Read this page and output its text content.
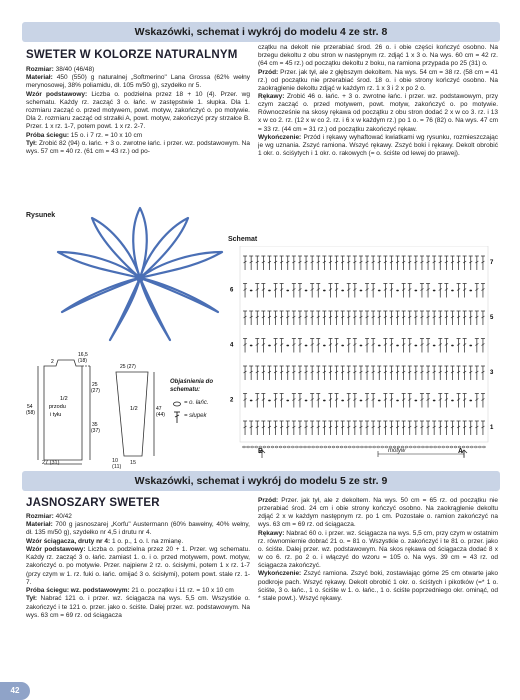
Wskazówki, schemat i wykrój do modelu 4 ze str. 8
SWETER W KOLORZE NATURALNYM

Rozmiar: 38/40 (46/48)

Materiał: 450 (550) g naturalnej „Softmerino" Lana Grossa (62% wełny merynosowej, 38% poliamidu, dł. 105 m/50 g), szydełko nr 5.

Wzór podstawowy: Liczba o. podzielna przez 18 + 10 (4). Przer. wg schematu. Każdy rz. zacząć 3 o. łańc. w zastępstwie 1. słupka. Dla 1. rozmiaru zacząć o. przed motywem, powt. motyw, zakończyć o. po motywie. Dla 2. rozmiaru zacząć od strzałki A, powt. motyw, zakończyć przy strzałce B. Przer. 1 x rz. 1-7, potem powt. 1 x rz. 2-7.

Próba ściegu: 15 o. i 7 rz. = 10 x 10 cm

Tył: Zrobić 82 (94) o. łańc. + 3 o. zwrotne łańc. i przer. wz. podstawowym. Na wys. 57 cm = 40 rz. (61 cm = 43 rz.) od po-

czątku na dekolt nie przerabiać środ. 26 o. i obie części kończyć osobno. Na brzegu dekoltu z obu stron w następnym rz. zdjąć 1 x 3 o. Na wys. 60 cm = 42 rz. (64 cm = 45 rz.) od początku dekoltu z boku, na ramiona przypada po 25 (31) o.

Przód: Przer. jak tył, ale z głębszym dekoltem. Na wys. 54 cm = 38 rz. (58 cm = 41 rz.) od początku nie przerabiać środ. 18 o. i obie strony kończyć osobno. Na zaokrąglenie dekoltu zdjąć w każdym rz. 1 x 3 i 2 x po 2 o.

Rękawy: Zrobić 46 o. łańc. + 3 o. zwrotne łańc. i przer. wz. podstawowym, przy czym zacząć o. przed motywem, powt. motyw, zakończyć o. po motywie. Równocześnie na skosy rękawa od początku z obu stron dodać 2 x w co 3. rz. i 13 x w co 2. rz. (12 x w co 2. rz. i 6 x w każdym rz.) po 1 o. = 76 (82) o. Na wys. 47 cm = 33 rz. (44 cm = 31 rz.) od początku zakończyć rękaw.

Wykończenie: Przód i rękawy wyhaftować kwiatkami wg rysunku, rozmieszczając je wg uznania. Zszyć ramiona. Wszyć rękawy. Zszyć boki i rękawy. Dekolt obrobić 1 okr. o. ściśytych i 1 okr. o. rakowych (= o. ściśte od lewej do prawej).

Rysunek
16,5
(18)
2
1/2
przodu
i tyłu
54
(58)
25
(27)
35
(37)
27 (31)
25 (27)
1/2	47
(44)
10
(11)
15
Objaśnienia do schematu:
= o. łańc.
= słupek
Schemat
7
6
5
4
3
2
1
motyw
B	A
Wskazówki, schemat i wykrój do modelu 5 ze str. 9
JASNOSZARY SWETER

Rozmiar: 40/42

Materiał: 700 g jasnoszarej „Korfu" Austermann (60% bawełny, 40% wełny, dł. 135 m/50 g), szydełko nr 4,5 i drutu nr 4.

Wzór ściągacza, druty nr 4: 1 o. p., 1 o. l. na zmianę.

Wzór podstawowy: Liczba o. podzielna przez 20 + 1. Przer. wg schematu. Każdy rz. zacząć 3 o. łańc. zamiast 1. o. i o. przed motywem, powt. motyw, zakończyć o. po motywie. Przer. najpierw 2 rz. o. ścisłymi, potem 1 x rz. 1-7 (przy czym w 1. rz. fuki o. łańc. omijać 3 o. ścisłymi), potem powt. stale rz. 1-7.

Próba ściegu: wz. podstawowym: 21 o. początku i 11 rz. = 10 x 10 cm

Tył: Nabrać 121 o. i przer. wz. ściągacza na wys. 5,5 cm. Wszystkie o. zakończyć i te 121 o. przer. jako o. ściśte. Dalej przer. wz. podstawowym. Na wys. 63 cm = 69 rz. od ściągacza

Przód: Przer. jak tył, ale z dekoltem. Na wys. 50 cm = 65 rz. od początku nie przerabiać środ. 24 cm i obie strony kończyć osobno. Na zaokrąglenie dekoltu zdjąć 2 x w każdym następnym rz. po 1 cm. Pozostałe o. ramion zakończyć na wys. 63 cm = 69 rz. od ściągacza.

Rękawy: Nabrać 60 o. i przer. wz. ściągacza na wys. 5,5 cm, przy czym w ostatnim rz. równomiernie dobrać 21 o. = 81 o. Wszystkie o. zakończyć i te 81 o. przer. jako o. ściśte. Dalej przer. wz. podstawowym. Na skos rękawa od ściągacza dodać 8 x w co 6. rz. po 2 o. i włączyć do wzoru = 105 o. Na wys. 39 cm = 43 rz. od ściągacza zakończyć.

Wykończenie: Zszyć ramiona. Zszyć boki, zostawiając górne 25 cm otwarte jako podkroje pach. Wszyć rękawy. Dekolt obrobić 1 okr. o. ściśtych i pikotków (=* 1 o. ściśte, 3 o. łańc., 1 o. ściśte w 1. o. łańc., 1 o. ściśte poprzedniego okr. ominąć, od * stale powt.). Wszyć rękawy.

42
